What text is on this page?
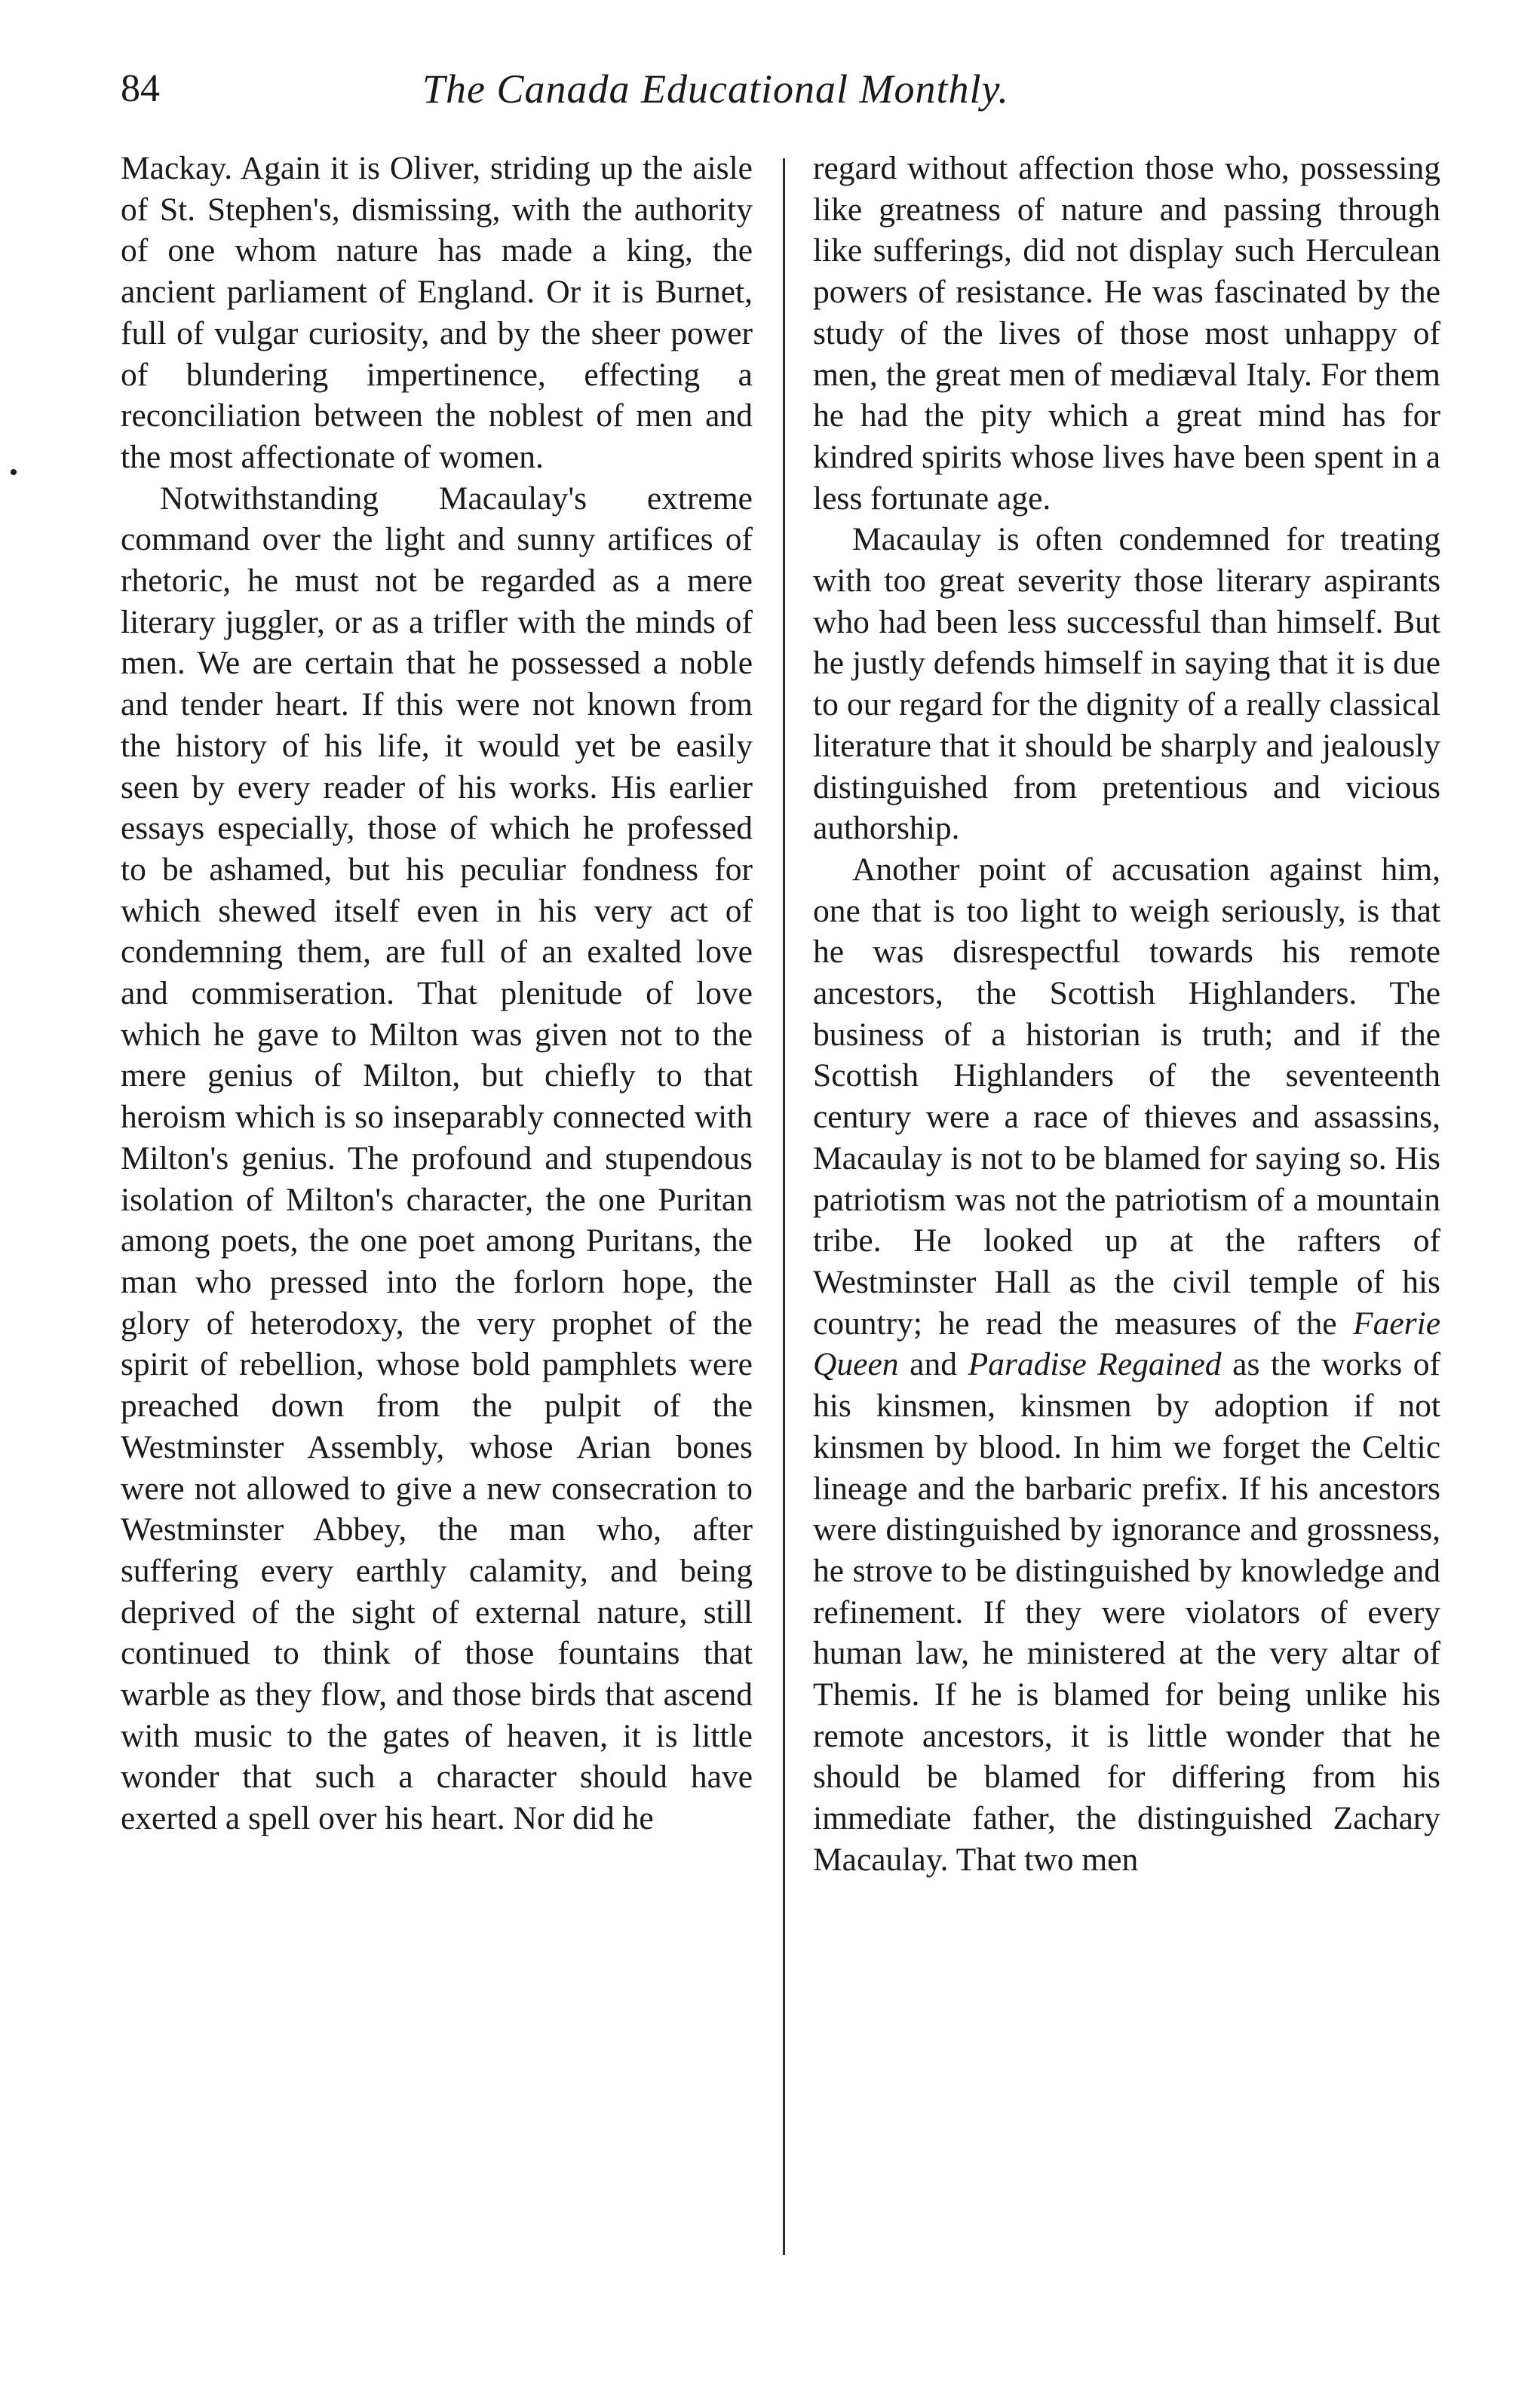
84	The Canada Educational Monthly.

Mackay. Again it is Oliver, striding up the aisle of St. Stephen's, dismissing, with the authority of one whom nature has made a king, the ancient parliament of England. Or it is Burnet, full of vulgar curiosity, and by the sheer power of blundering impertinence, effecting a reconciliation between the noblest of men and the most affectionate of women.

Notwithstanding Macaulay's extreme command over the light and sunny artifices of rhetoric, he must not be regarded as a mere literary juggler, or as a trifler with the minds of men. We are certain that he possessed a noble and tender heart. If this were not known from the history of his life, it would yet be easily seen by every reader of his works. His earlier essays especially, those of which he professed to be ashamed, but his peculiar fondness for which shewed itself even in his very act of condemning them, are full of an exalted love and commiseration. That plenitude of love which he gave to Milton was given not to the mere genius of Milton, but chiefly to that heroism which is so inseparably connected with Milton's genius. The profound and stupendous isolation of Milton's character, the one Puritan among poets, the one poet among Puritans, the man who pressed into the forlorn hope, the glory of heterodoxy, the very prophet of the spirit of rebellion, whose bold pamphlets were preached down from the pulpit of the Westminster Assembly, whose Arian bones were not allowed to give a new consecration to Westminster Abbey, the man who, after suffering every earthly calamity, and being deprived of the sight of external nature, still continued to think of those fountains that warble as they flow, and those birds that ascend with music to the gates of heaven, it is little wonder that such a character should have exerted a spell over his heart. Nor did he

regard without affection those who, possessing like greatness of nature and passing through like sufferings, did not display such Herculean powers of resistance. He was fascinated by the study of the lives of those most unhappy of men, the great men of mediæval Italy. For them he had the pity which a great mind has for kindred spirits whose lives have been spent in a less fortunate age.

Macaulay is often condemned for treating with too great severity those literary aspirants who had been less successful than himself. But he justly defends himself in saying that it is due to our regard for the dignity of a really classical literature that it should be sharply and jealously distinguished from pretentious and vicious authorship.

Another point of accusation against him, one that is too light to weigh seriously, is that he was disrespectful towards his remote ancestors, the Scottish Highlanders. The business of a historian is truth; and if the Scottish Highlanders of the seventeenth century were a race of thieves and assassins, Macaulay is not to be blamed for saying so. His patriotism was not the patriotism of a mountain tribe. He looked up at the rafters of Westminster Hall as the civil temple of his country; he read the measures of the Faerie Queen and Paradise Regained as the works of his kinsmen, kinsmen by adoption if not kinsmen by blood. In him we forget the Celtic lineage and the barbaric prefix. If his ancestors were distinguished by ignorance and grossness, he strove to be distinguished by knowledge and refinement. If they were violators of every human law, he ministered at the very altar of Themis. If he is blamed for being unlike his remote ancestors, it is little wonder that he should be blamed for differing from his immediate father, the distinguished Zachary Macaulay. That two men
